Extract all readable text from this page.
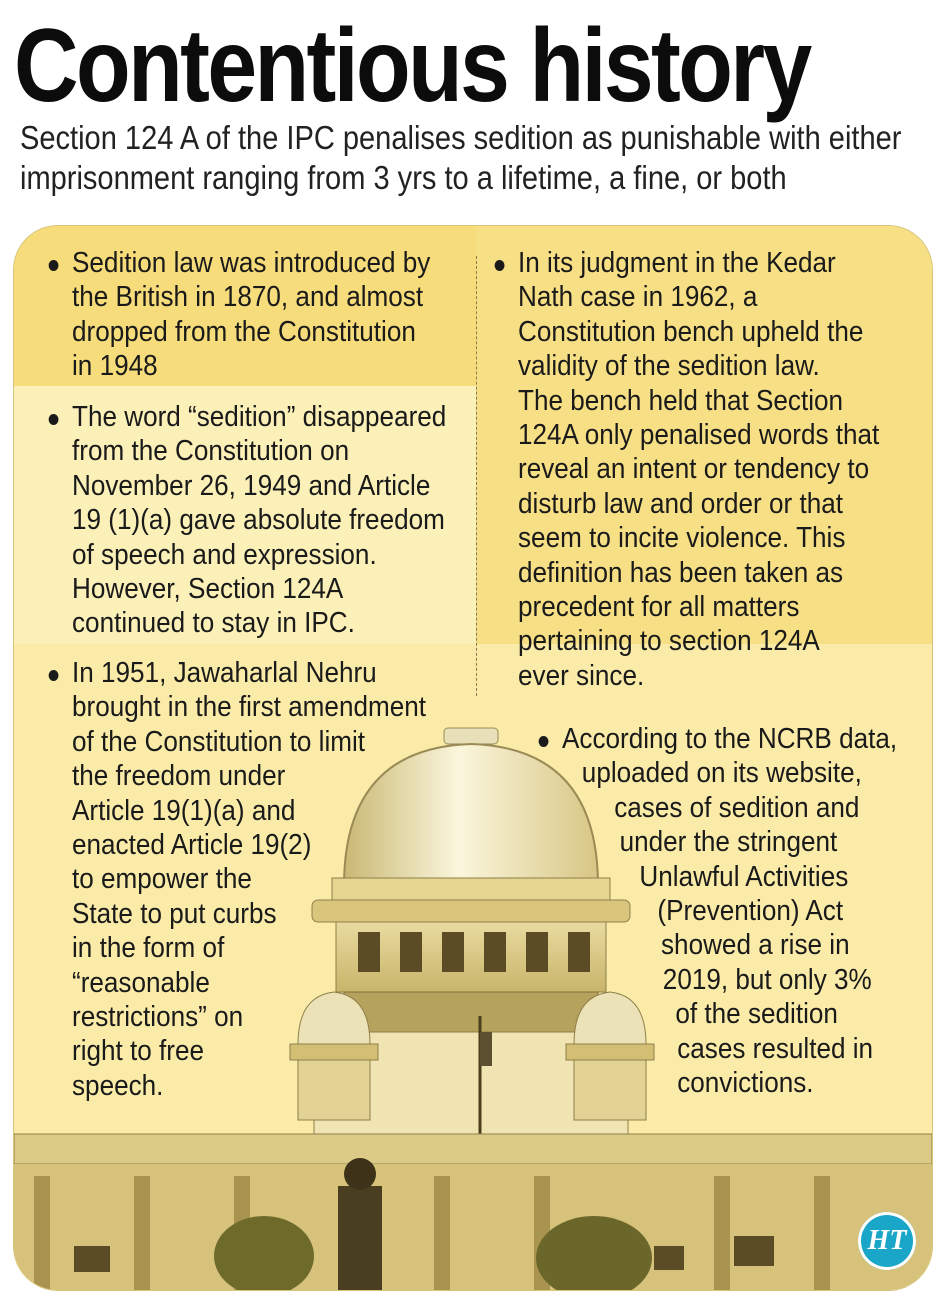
Contentious history
Section 124 A of the IPC penalises sedition as punishable with either
imprisonment ranging from 3 yrs to a lifetime, a fine, or both
Sedition law was introduced by
the British in 1870, and almost
dropped from the Constitution
in 1948
The word “sedition” disappeared
from the Constitution on
November 26, 1949 and Article
19 (1)(a) gave absolute freedom
of speech and expression.
However, Section 124A
continued to stay in IPC.
In 1951, Jawaharlal Nehru
brought in the first amendment
of the Constitution to limit
the freedom under
Article 19(1)(a) and
enacted Article 19(2)
to empower the
State to put curbs
in the form of
“reasonable
restrictions” on
right to free
speech.
In its judgment in the Kedar
Nath case in 1962, a
Constitution bench upheld the
validity of the sedition law.
The bench held that Section
124A only penalised words that
reveal an intent or tendency to
disturb law and order or that
seem to incite violence. This
definition has been taken as
precedent for all matters
pertaining to section 124A
ever since.
According to the NCRB data,
uploaded on its website,
cases of sedition and
under the stringent
Unlawful Activities
(Prevention) Act
showed a rise in
2019, but only 3%
of the sedition
cases resulted in
convictions.
HT
